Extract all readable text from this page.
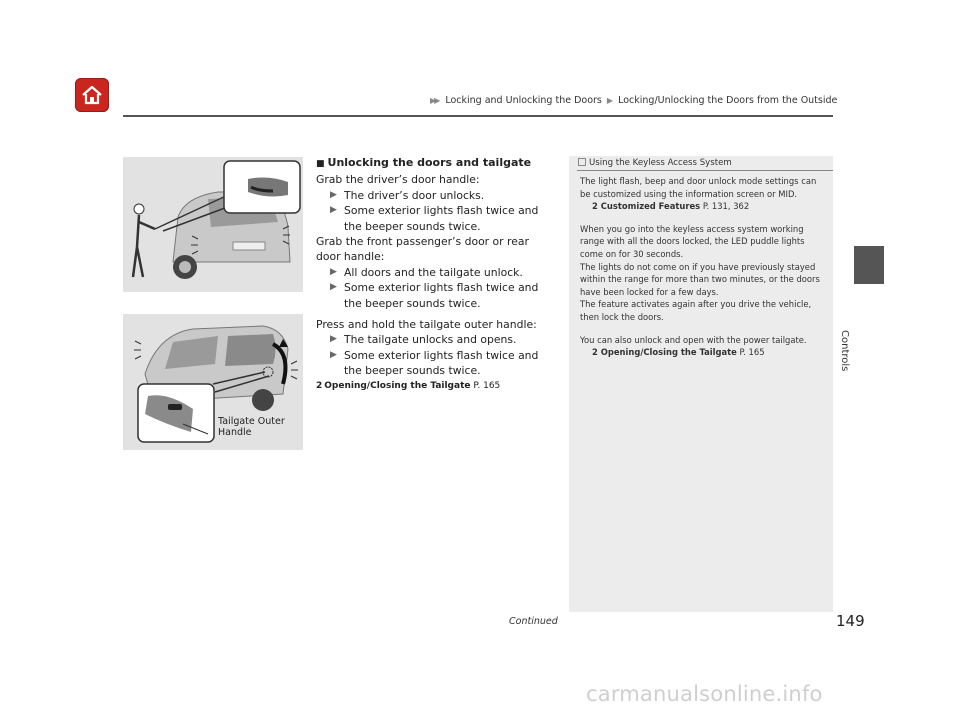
▶▶ Locking and Unlocking the Doors ▶ Locking/Unlocking the Doors from the Outside
Controls
Tailgate Outer
Handle
■ Unlocking the doors and tailgate
Grab the driver’s door handle:
▶ The driver’s door unlocks.
▶ Some exterior lights flash twice and the beeper sounds twice.
Grab the front passenger’s door or rear door handle:
▶ All doors and the tailgate unlock.
▶ Some exterior lights flash twice and the beeper sounds twice.
Press and hold the tailgate outer handle:
▶ The tailgate unlocks and opens.
▶ Some exterior lights flash twice and the beeper sounds twice.
2 Opening/Closing the Tailgate P. 165
Using the Keyless Access System

The light flash, beep and door unlock mode settings can be customized using the information screen or MID.
2 Customized Features P. 131, 362

When you go into the keyless access system working range with all the doors locked, the LED puddle lights come on for 30 seconds.
The lights do not come on if you have previously stayed within the range for more than two minutes, or the doors have been locked for a few days.
The feature activates again after you drive the vehicle, then lock the doors.

You can also unlock and open with the power tailgate.
2 Opening/Closing the Tailgate P. 165

Continued	149
carmanualsonline.info
